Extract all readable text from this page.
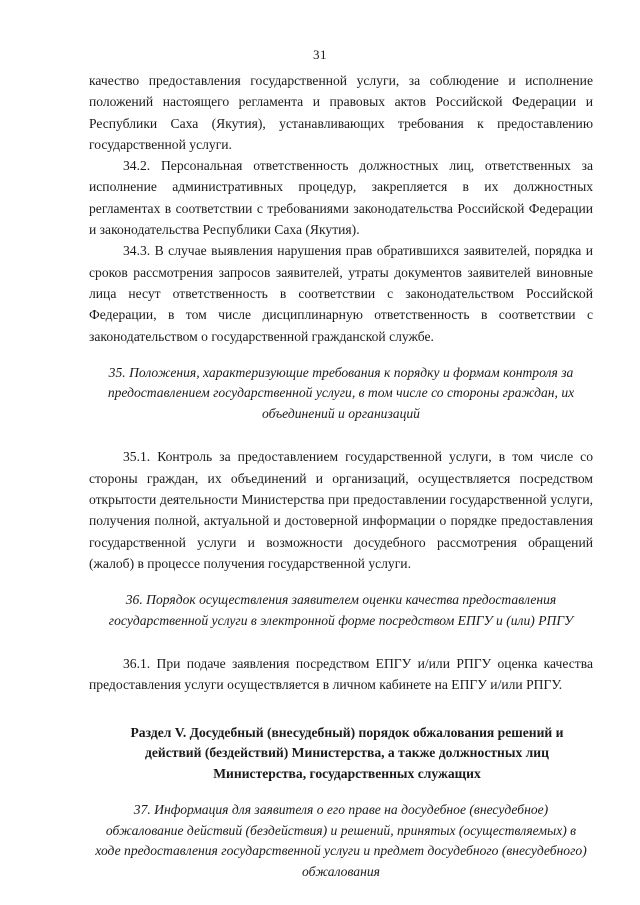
31

качество предоставления государственной услуги, за соблюдение и исполнение положений настоящего регламента и правовых актов Российской Федерации и Республики Саха (Якутия), устанавливающих требования к предоставлению государственной услуги.

34.2. Персональная ответственность должностных лиц, ответственных за исполнение административных процедур, закрепляется в их должностных регламентах в соответствии с требованиями законодательства Российской Федерации и законодательства Республики Саха (Якутия).

34.3. В случае выявления нарушения прав обратившихся заявителей, порядка и сроков рассмотрения запросов заявителей, утраты документов заявителей виновные лица несут ответственность в соответствии с законодательством Российской Федерации, в том числе дисциплинарную ответственность в соответствии с законодательством о государственной гражданской службе.

35. Положения, характеризующие требования к порядку и формам контроля за предоставлением государственной услуги, в том числе со стороны граждан, их объединений и организаций

35.1. Контроль за предоставлением государственной услуги, в том числе со стороны граждан, их объединений и организаций, осуществляется посредством открытости деятельности Министерства при предоставлении государственной услуги, получения полной, актуальной и достоверной информации о порядке предоставления государственной услуги и возможности досудебного рассмотрения обращений (жалоб) в процессе получения государственной услуги.

36. Порядок осуществления заявителем оценки качества предоставления государственной услуги в электронной форме посредством ЕПГУ и (или) РПГУ

36.1. При подаче заявления посредством ЕПГУ и/или РПГУ оценка качества предоставления услуги осуществляется в личном кабинете на ЕПГУ и/или РПГУ.

Раздел V. Досудебный (внесудебный) порядок обжалования решений и действий (бездействий) Министерства, а также должностных лиц Министерства, государственных служащих

37. Информация для заявителя о его праве на досудебное (внесудебное) обжалование действий (бездействия) и решений, принятых (осуществляемых) в ходе предоставления государственной услуги и предмет досудебного (внесудебного) обжалования
